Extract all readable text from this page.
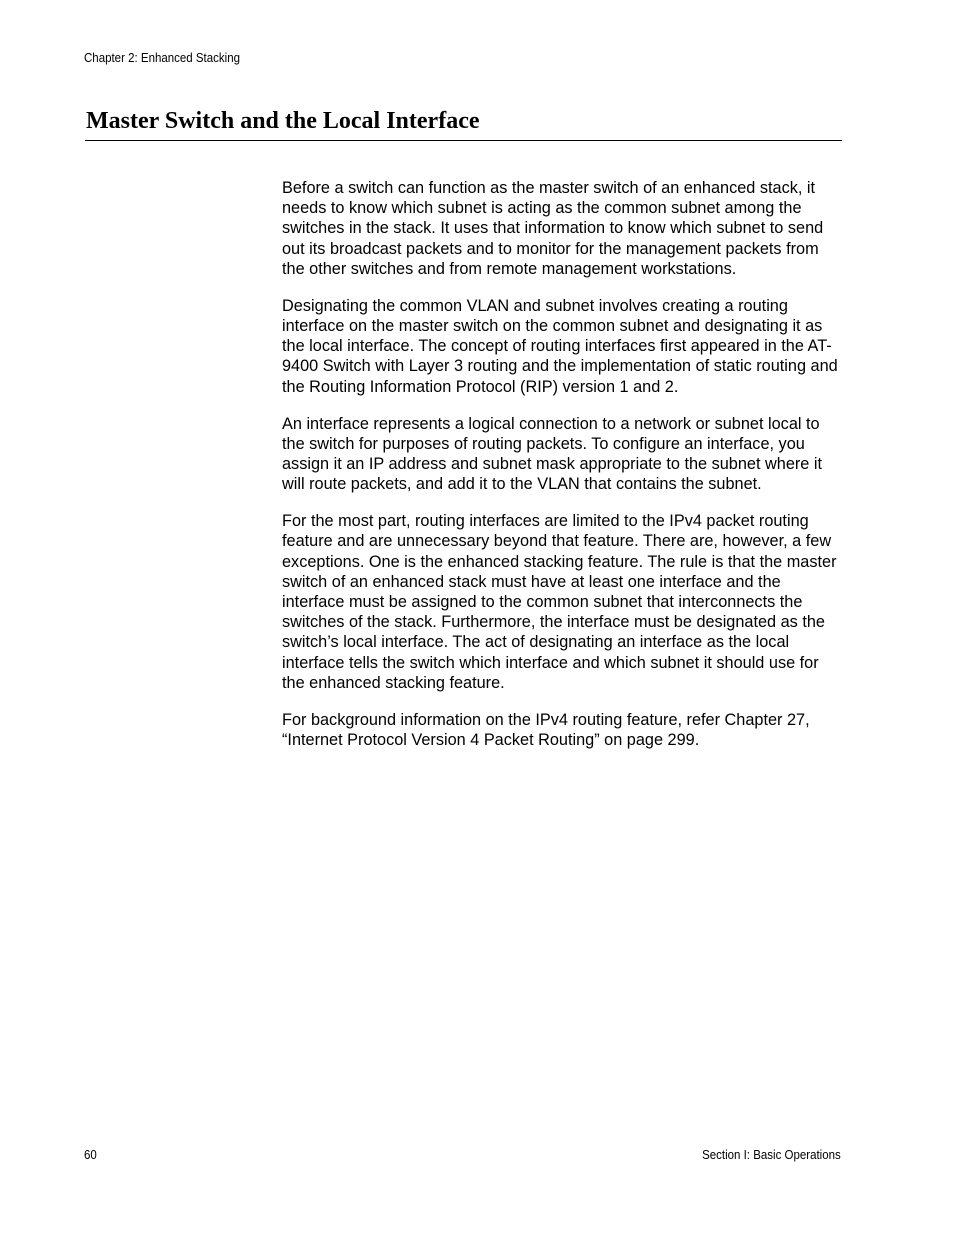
Chapter 2: Enhanced Stacking
Master Switch and the Local Interface

Before a switch can function as the master switch of an enhanced stack, it needs to know which subnet is acting as the common subnet among the switches in the stack. It uses that information to know which subnet to send out its broadcast packets and to monitor for the management packets from the other switches and from remote management workstations.

Designating the common VLAN and subnet involves creating a routing interface on the master switch on the common subnet and designating it as the local interface. The concept of routing interfaces first appeared in the AT-9400 Switch with Layer 3 routing and the implementation of static routing and the Routing Information Protocol (RIP) version 1 and 2.

An interface represents a logical connection to a network or subnet local to the switch for purposes of routing packets. To configure an interface, you assign it an IP address and subnet mask appropriate to the subnet where it will route packets, and add it to the VLAN that contains the subnet.

For the most part, routing interfaces are limited to the IPv4 packet routing feature and are unnecessary beyond that feature. There are, however, a few exceptions. One is the enhanced stacking feature. The rule is that the master switch of an enhanced stack must have at least one interface and the interface must be assigned to the common subnet that interconnects the switches of the stack. Furthermore, the interface must be designated as the switch’s local interface. The act of designating an interface as the local interface tells the switch which interface and which subnet it should use for the enhanced stacking feature.

For background information on the IPv4 routing feature, refer Chapter 27, “Internet Protocol Version 4 Packet Routing” on page 299.

60	Section I: Basic Operations
